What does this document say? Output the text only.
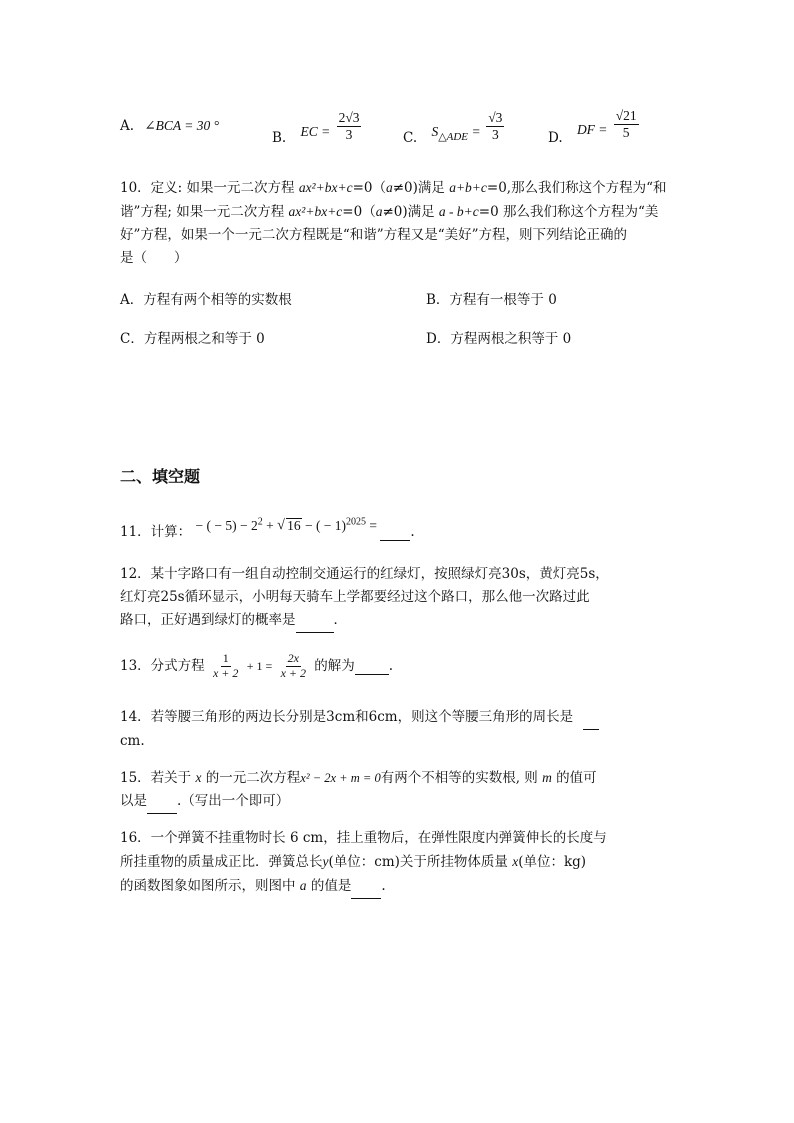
A. ∠BCA = 30 °
B. EC = $\frac{2√3}{3}$	C. $S_{\triangle ADE} = \frac{√3}{3}$	D. DF = $\frac{√21}{5}$
10．定义: 如果一元二次方程 ax²+bx+c=0（a≠0)满足 a+b+c=0,那么我们称这个方程为“和
谐”方程; 如果一元二次方程 ax²+bx+c=0（a≠0)满足 a - b+c=0 那么我们称这个方程为“美
好”方程，如果一个一元二次方程既是“和谐”方程又是“美好”方程，则下列结论正确的
是（　　）
A．方程有两个相等的实数根	B．方程有一根等于 0
C．方程两根之和等于 0	D．方程两根之积等于 0
二、填空题
11．计算： − ( − $5) - 2^2$ + √ 16 − ( − 1)$^{2025}$ = .
12．某十字路口有一组自动控制交通运行的红绿灯，按照绿灯亮30s，黄灯亮5s，
红灯亮25s循环显示，小明每天骑车上学都要经过这个路口，那么他一次路过此
路口，正好遇到绿灯的概率是	．
13．分式方程 $\frac{1}{x + 2} + 1 = \frac{2x}{x + 2}$ 的解为	.
14．若等腰三角形的两边长分别是3cm和6cm，则这个等腰三角形的周长是
cm.
15．若关于 x 的一元二次方程x² − 2x + m = 0有两个不相等的实数根, 则 m 的值可
以是 .（写出一个即可）
16．一个弹簧不挂重物时长 6 cm，挂上重物后，在弹性限度内弹簧伸长的长度与
所挂重物的质量成正比．弹簧总长y(单位：cm)关于所挂物体质量 x(单位：kg)
的函数图象如图所示，则图中 a 的值是 .
